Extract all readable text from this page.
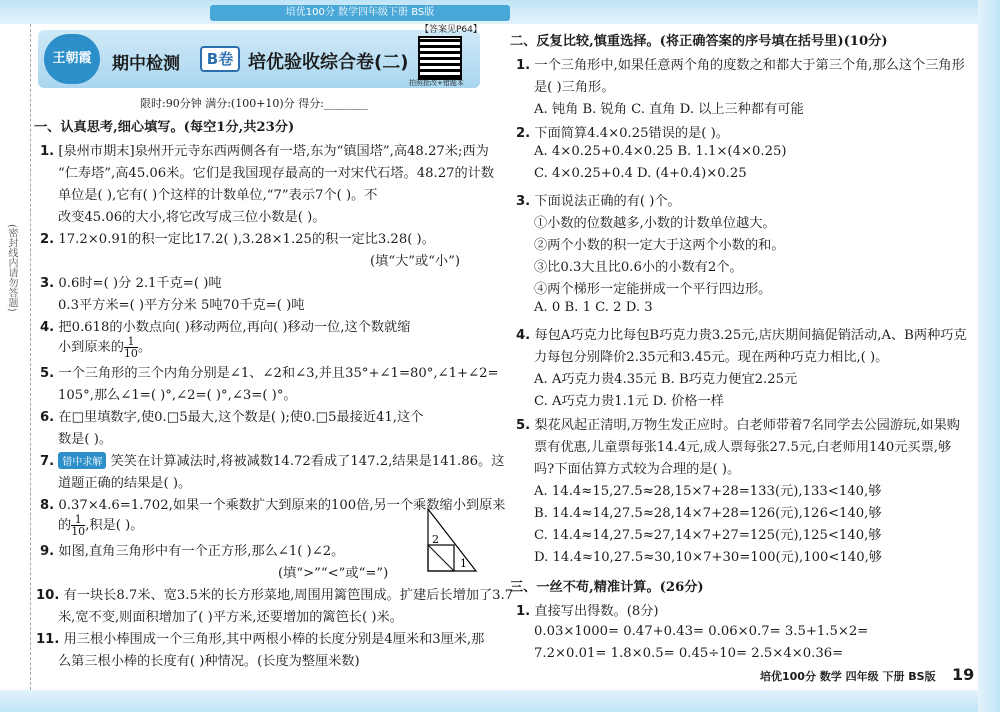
(密封线内请勿答题)
培优100分 数学四年级下册 BS版
王朝霞	期中检测	B卷 培优验收综合卷(二)
【答案见P64】
拍照批改+错题本
限时:90分钟 满分:(100+10)分 得分:________
一、认真思考,细心填写。(每空1分,共23分)
1. [泉州市期末]泉州开元寺东西两侧各有一塔,东为“镇国塔”,高48.27米;西为
“仁寿塔”,高45.06米。它们是我国现存最高的一对宋代石塔。48.27的计数
单位是( ),它有( )个这样的计数单位,“7”表示7个( )。不
改变45.06的大小,将它改写成三位小数是( )。
2. 17.2×0.91的积一定比17.2( ),3.28×1.25的积一定比3.28( )。
(填“大”或“小”)
3. 0.6时=( )分 2.1千克=( )吨
0.3平方米=( )平方分米 5吨70千克=( )吨
4. 把0.618的小数点向( )移动两位,再向( )移动一位,这个数就缩
小到原来的 $\frac{1}{10}$ 。
5. 一个三角形的三个内角分别是∠1、∠2和∠3,并且35°+∠1=80°,∠1+∠2=
105°,那么∠1=( )°,∠2=( )°,∠3=( )°。
6. 在□里填数字,使0.□5最大,这个数是( );使0.□5最接近41,这个
数是( )。
7. 错中求解 笑笑在计算减法时,将被减数14.72看成了147.2,结果是141.86。这
道题正确的结果是( )。
8. 0.37×4.6=1.702,如果一个乘数扩大到原来的100倍,另一个乘数缩小到原来
的 $\frac{1}{10}$ ,积是( )。
9. 如图,直角三角形中有一个正方形,那么∠1( )∠2。
(填“>”“<”或“=”)
2
1
10. 有一块长8.7米、宽3.5米的长方形菜地,周围用篱笆围成。扩建后长增加了3.7
米,宽不变,则面积增加了( )平方米,还要增加的篱笆长( )米。
11. 用三根小棒围成一个三角形,其中两根小棒的长度分别是4厘米和3厘米,那
么第三根小棒的长度有( )种情况。(长度为整厘米数)
二、反复比较,慎重选择。(将正确答案的序号填在括号里)(10分)
1. 一个三角形中,如果任意两个角的度数之和都大于第三个角,那么这个三角形
是( )三角形。
A. 钝角 B. 锐角 C. 直角 D. 以上三种都有可能
2. 下面简算4.4×0.25错误的是( )。
A. 4×0.25+0.4×0.25 B. 1.1×(4×0.25)
C. 4×0.25+0.4 D. (4+0.4)×0.25
3. 下面说法正确的有( )个。
①小数的位数越多,小数的计数单位越大。
②两个小数的积一定大于这两个小数的和。
③比0.3大且比0.6小的小数有2个。
④两个梯形一定能拼成一个平行四边形。
A. 0 B. 1 C. 2 D. 3
4. 每包A巧克力比每包B巧克力贵3.25元,店庆期间搞促销活动,A、B两种巧克
力每包分别降价2.35元和3.45元。现在两种巧克力相比,( )。
A. A巧克力贵4.35元 B. B巧克力便宜2.25元
C. A巧克力贵1.1元 D. 价格一样
5. 梨花风起正清明,万物生发正应时。白老师带着7名同学去公园游玩,如果购
票有优惠,儿童票每张14.4元,成人票每张27.5元,白老师用140元买票,够
吗?下面估算方式较为合理的是( )。
A. 14.4≈15,27.5≈28,15×7+28=133(元),133<140,够
B. 14.4≈14,27.5≈28,14×7+28=126(元),126<140,够
C. 14.4≈14,27.5≈27,14×7+27=125(元),125<140,够
D. 14.4≈10,27.5≈30,10×7+30=100(元),100<140,够
三、一丝不苟,精准计算。(26分)
1. 直接写出得数。(8分)
0.03×1000= 0.47+0.43= 0.06×0.7= 3.5+1.5×2=
7.2×0.01= 1.8×0.5= 0.45÷10= 2.5×4×0.36=
培优100分 数学 四年级 下册 BS版 19
